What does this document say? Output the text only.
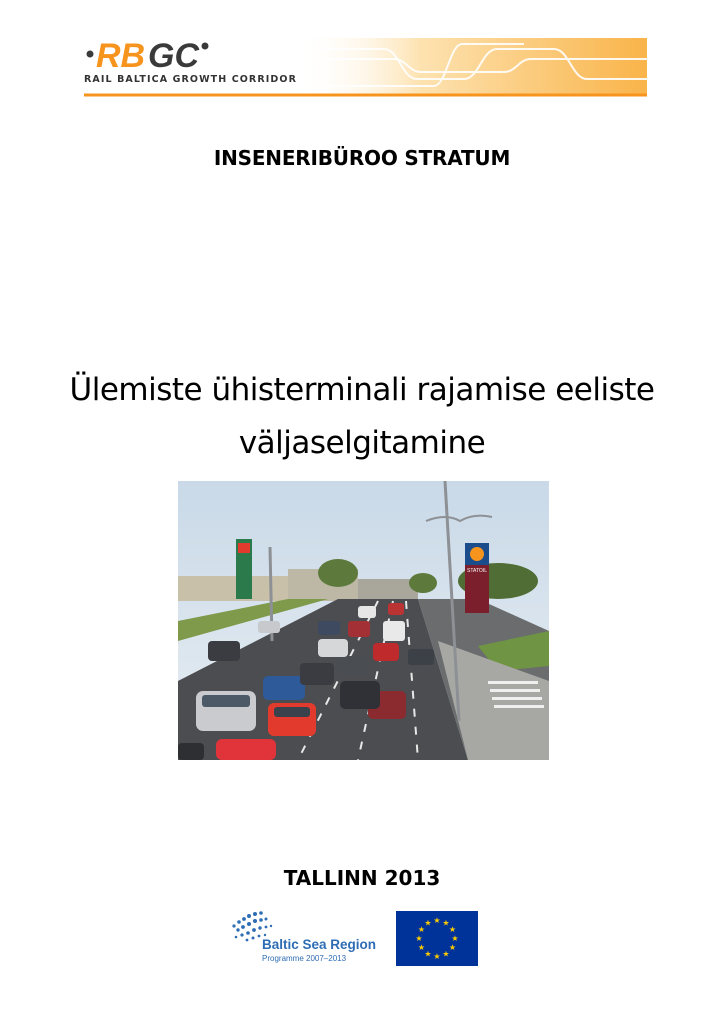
RB GC
RAIL BALTICA GROWTH CORRIDOR
INSENERIBÜROO STRATUM
Ülemiste ühisterminali rajamise eeliste
väljaselgitamine
STATOIL
TALLINN 2013
Baltic Sea Region
Programme 2007–2013
★ ★
★
★
★
★
★
★
★
★
★
★
